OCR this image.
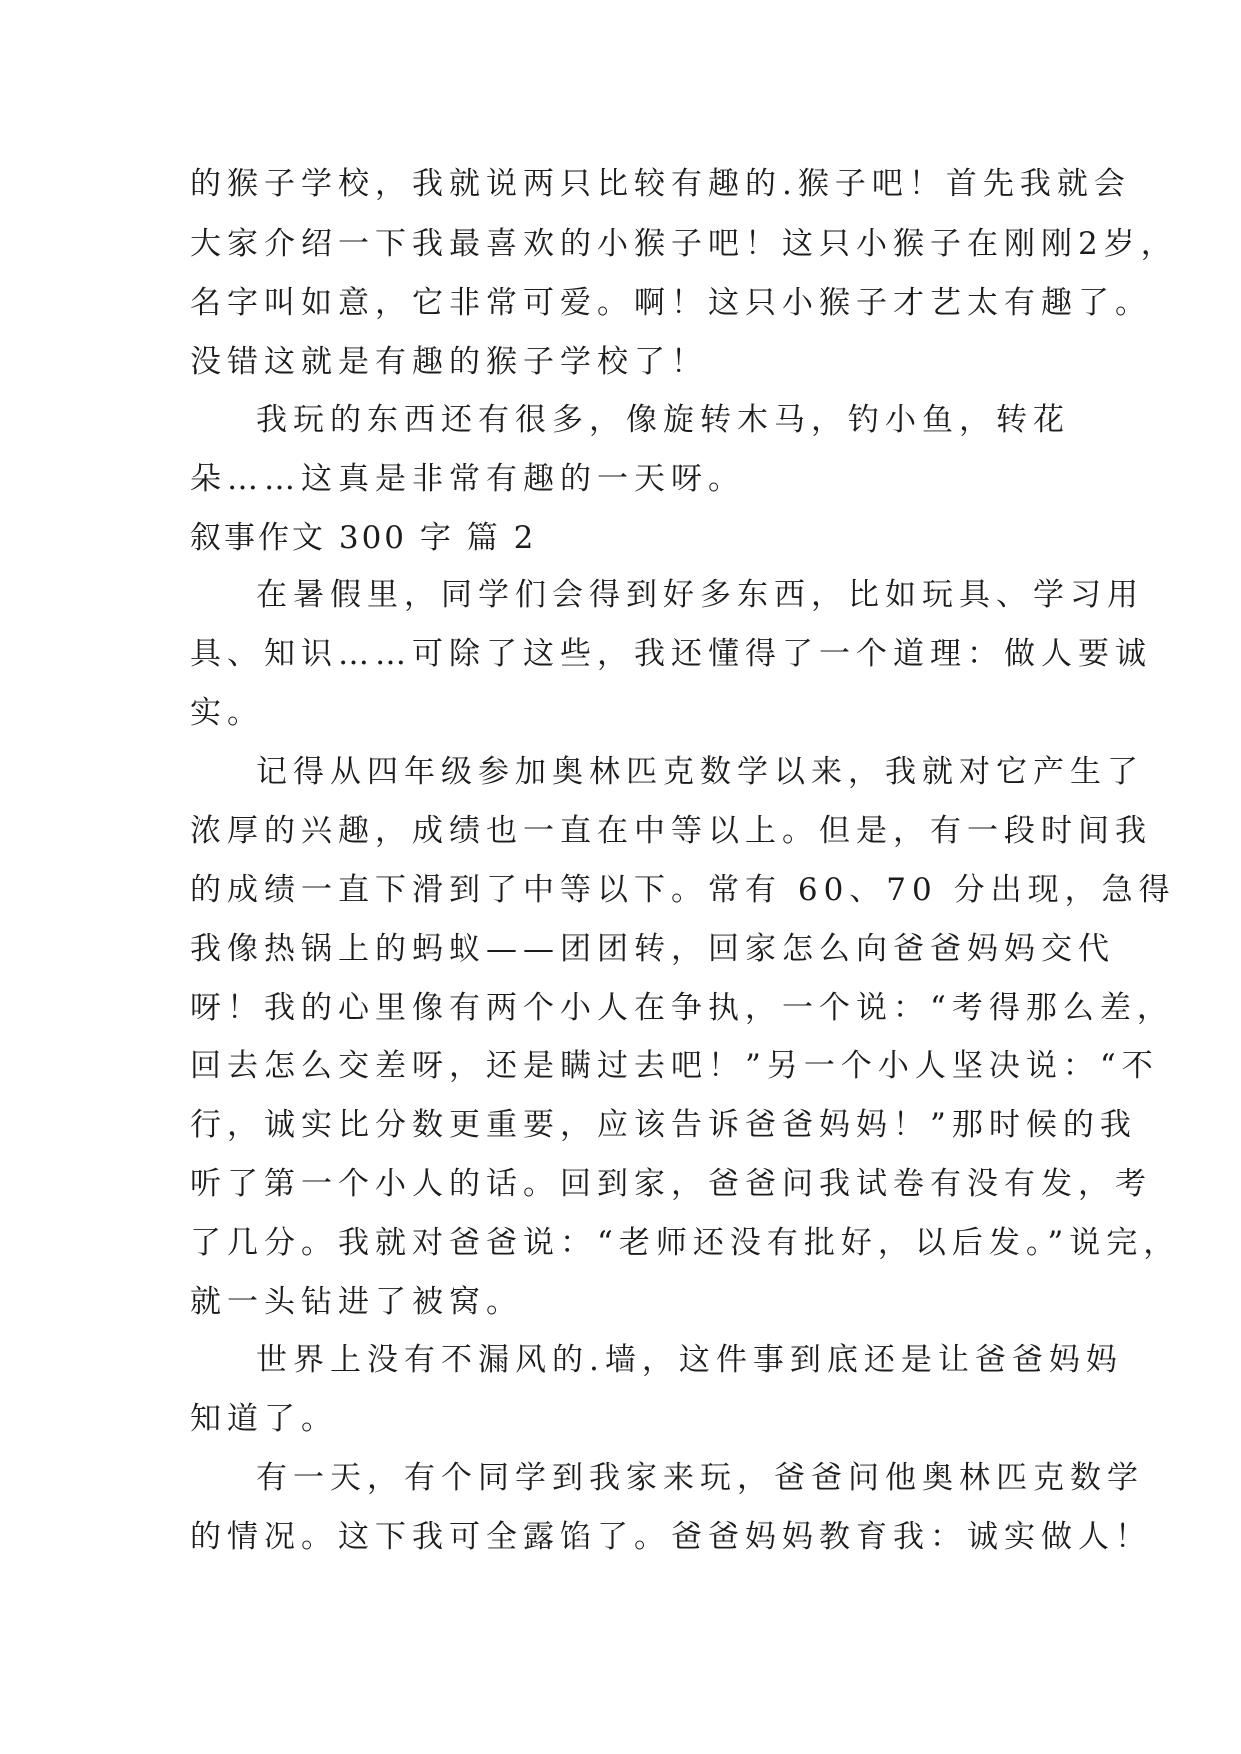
的猴子学校，我就说两只比较有趣的.猴子吧！首先我就会

大家介绍一下我最喜欢的小猴子吧！这只小猴子在刚刚2岁，

名字叫如意，它非常可爱。啊！这只小猴子才艺太有趣了。

没错这就是有趣的猴子学校了！

我玩的东西还有很多，像旋转木马，钓小鱼，转花

朵……这真是非常有趣的一天呀。

叙事作文 300 字 篇 2

在暑假里，同学们会得到好多东西，比如玩具、学习用

具、知识……可除了这些，我还懂得了一个道理：做人要诚

实。

记得从四年级参加奥林匹克数学以来，我就对它产生了

浓厚的兴趣，成绩也一直在中等以上。但是，有一段时间我

的成绩一直下滑到了中等以下。常有 60、70 分出现，急得

我像热锅上的蚂蚁——团团转，回家怎么向爸爸妈妈交代

呀！我的心里像有两个小人在争执，一个说：“考得那么差，

回去怎么交差呀，还是瞒过去吧！”另一个小人坚决说：“不

行，诚实比分数更重要，应该告诉爸爸妈妈！”那时候的我

听了第一个小人的话。回到家，爸爸问我试卷有没有发，考

了几分。我就对爸爸说：“老师还没有批好，以后发。”说完，

就一头钻进了被窝。

世界上没有不漏风的.墙，这件事到底还是让爸爸妈妈

知道了。

有一天，有个同学到我家来玩，爸爸问他奥林匹克数学

的情况。这下我可全露馅了。爸爸妈妈教育我：诚实做人！
